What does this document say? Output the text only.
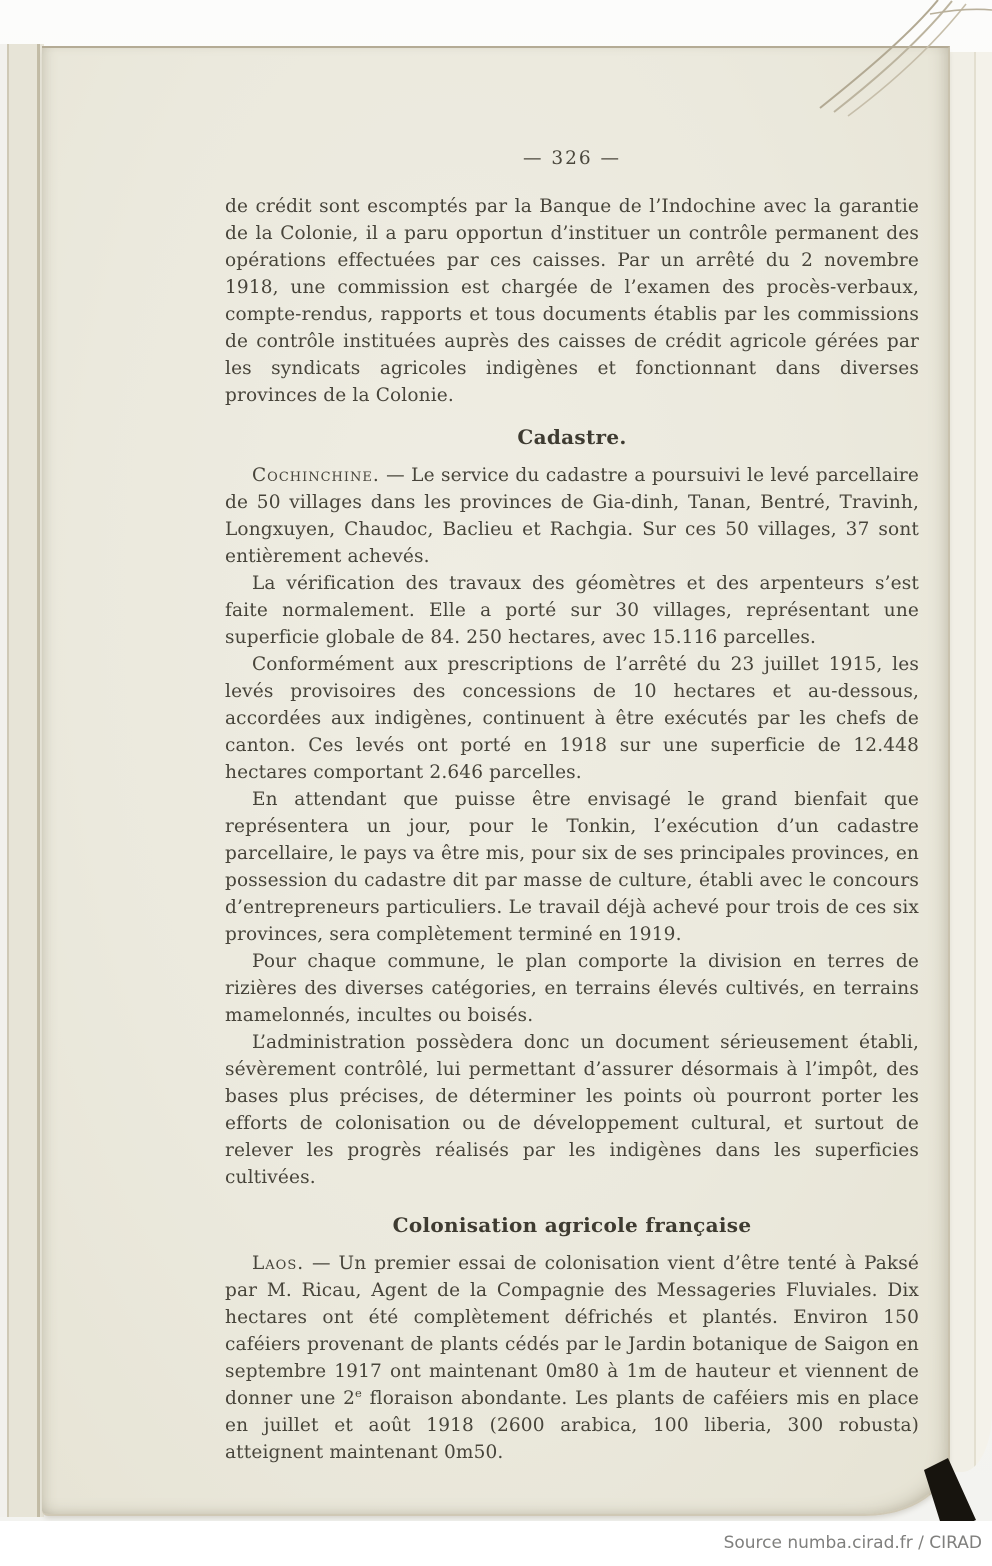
— 326 —

de crédit sont escomptés par la Banque de l’Indochine avec la garantie de la Colonie, il a paru opportun d’instituer un contrôle permanent des opérations effectuées par ces caisses. Par un arrêté du 2 novembre 1918, une commission est chargée de l’examen des procès-verbaux, compte-rendus, rapports et tous documents établis par les commissions de contrôle instituées auprès des caisses de crédit agricole gérées par les syndicats agricoles indigènes et fonctionnant dans diverses provinces de la Colonie.

Cadastre.

Cochinchine. — Le service du cadastre a poursuivi le levé parcellaire de 50 villages dans les provinces de Gia-dinh, Tanan, Bentré, Travinh, Longxuyen, Chaudoc, Baclieu et Rachgia. Sur ces 50 villages, 37 sont entièrement achevés.

La vérification des travaux des géomètres et des arpenteurs s’est faite normalement. Elle a porté sur 30 villages, représentant une superficie globale de 84. 250 hectares, avec 15.116 parcelles.

Conformément aux prescriptions de l’arrêté du 23 juillet 1915, les levés provisoires des concessions de 10 hectares et au-dessous, accordées aux indigènes, continuent à être exécutés par les chefs de canton. Ces levés ont porté en 1918 sur une superficie de 12.448 hectares comportant 2.646 parcelles.

En attendant que puisse être envisagé le grand bienfait que représentera un jour, pour le Tonkin, l’exécution d’un cadastre parcellaire, le pays va être mis, pour six de ses principales provinces, en possession du cadastre dit par masse de culture, établi avec le concours d’entrepreneurs particuliers. Le travail déjà achevé pour trois de ces six provinces, sera complètement terminé en 1919.

Pour chaque commune, le plan comporte la division en terres de rizières des diverses catégories, en terrains élevés cultivés, en terrains mamelonnés, incultes ou boisés.

L’administration possèdera donc un document sérieusement établi, sévèrement contrôlé, lui permettant d’assurer désormais à l’impôt, des bases plus précises, de déterminer les points où pourront porter les efforts de colonisation ou de développement cultural, et surtout de relever les progrès réalisés par les indigènes dans les superficies cultivées.

Colonisation agricole française

Laos. — Un premier essai de colonisation vient d’être tenté à Paksé par M. Ricau, Agent de la Compagnie des Messageries Fluviales. Dix hectares ont été complètement défrichés et plantés. Environ 150 caféiers provenant de plants cédés par le Jardin botanique de Saigon en septembre 1917 ont maintenant 0m80 à 1m de hauteur et viennent de donner une 2e floraison abondante. Les plants de caféiers mis en place en juillet et août 1918 (2600 arabica, 100 liberia, 300 robusta) atteignent maintenant 0m50.

Source numba.cirad.fr / CIRAD
